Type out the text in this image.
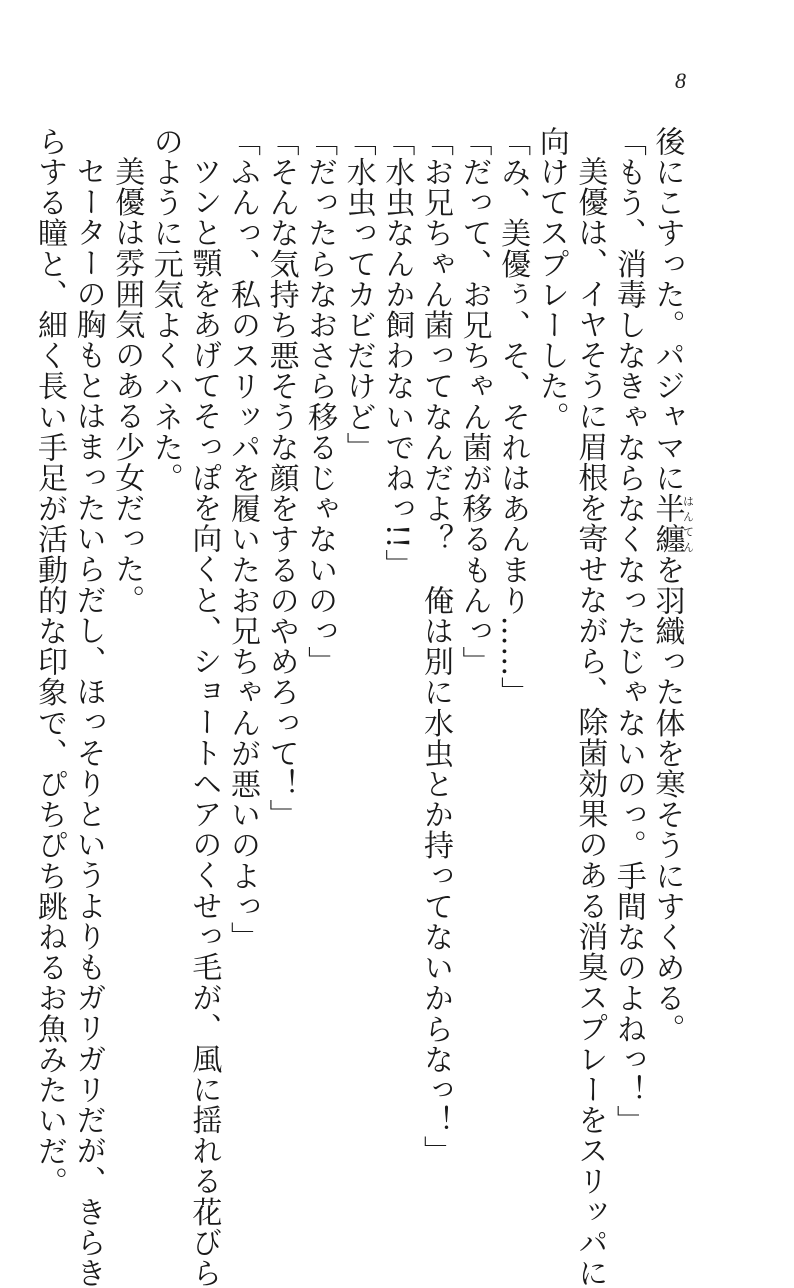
8
後にこすった。パジャマに半纏はんてんを羽織った体を寒そうにすくめる。
「もう、消毒しなきゃならなくなったじゃないのっ。手間なのよねっ！」
美優は、イヤそうに眉根を寄せながら、除菌効果のある消臭スプレーをスリッパに
向けてスプレーした。
「み、美優ぅ、そ、それはあんまり……」
「だって、お兄ちゃん菌が移るもんっ」
「お兄ちゃん菌ってなんだよ？　俺は別に水虫とか持ってないからなっ！」
「水虫なんか飼わないでねっ!!」
「水虫ってカビだけど」
「だったらなおさら移るじゃないのっ」
「そんな気持ち悪そうな顔をするのやめろって！」
「ふんっ、私のスリッパを履いたお兄ちゃんが悪いのよっ」
ツンと顎をあげてそっぽを向くと、ショートヘアのくせっ毛が、風に揺れる花びら
のように元気よくハネた。
美優は雰囲気のある少女だった。
セーターの胸もとはまったいらだし、ほっそりというよりもガリガリだが、きらき
らする瞳と、細く長い手足が活動的な印象で、ぴちぴち跳ねるお魚みたいだ。
